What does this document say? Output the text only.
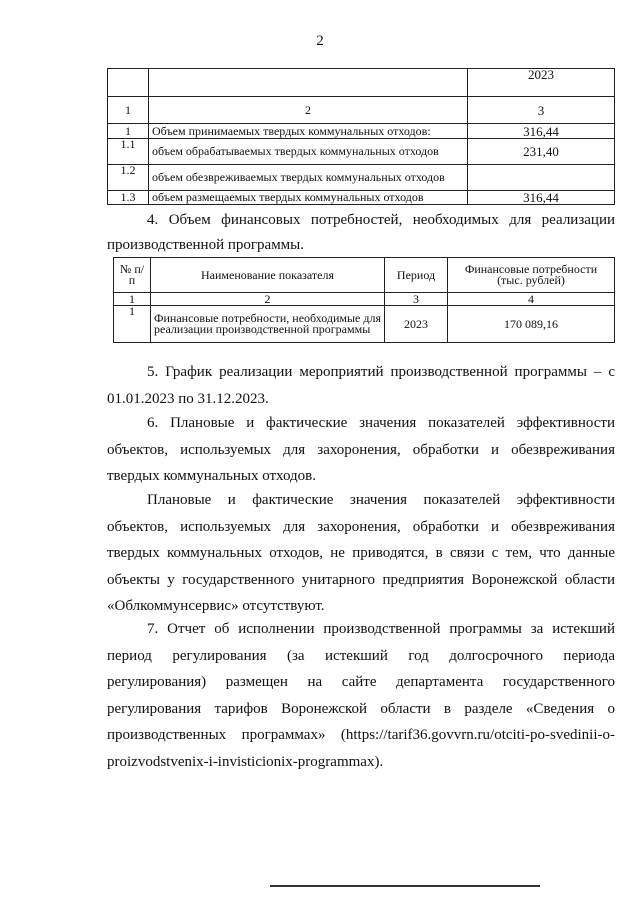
2
		2023
1	2	3
1	Объем принимаемых твердых коммунальных отходов:	316,44
1.1	объем обрабатываемых твердых коммунальных отходов	231,40
1.2	объем обезвреживаемых твердых коммунальных отходов	
1.3	объем размещаемых твердых коммунальных отходов	316,44

4. Объем финансовых потребностей, необходимых для реализации

производственной программы.

№ п/п	Наименование показателя	Период	Финансовые потребности (тыс. рублей)
1	2	3	4
1	Финансовые потребности, необходимые для реализации производственной программы	2023	170 089,16

5. График реализации мероприятий производственной программы – с 01.01.2023 по 31.12.2023.

6. Плановые и фактические значения показателей эффективности объектов, используемых для захоронения, обработки и обезвреживания твердых коммунальных отходов.

Плановые и фактические значения показателей эффективности объектов, используемых для захоронения, обработки и обезвреживания твердых коммунальных отходов, не приводятся, в связи с тем, что данные объекты у государственного унитарного предприятия Воронежской области «Облкоммунсервис» отсутствуют.

7. Отчет об исполнении производственной программы за истекший период регулирования (за истекший год долгосрочного периода регулирования) размещен на сайте департамента государственного регулирования тарифов Воронежской области в разделе «Сведения о производственных программах» (https://tarif36.govvrn.ru/otciti-po-svedinii-o-proizvodstvenix-i-invisticionix-programmax).
